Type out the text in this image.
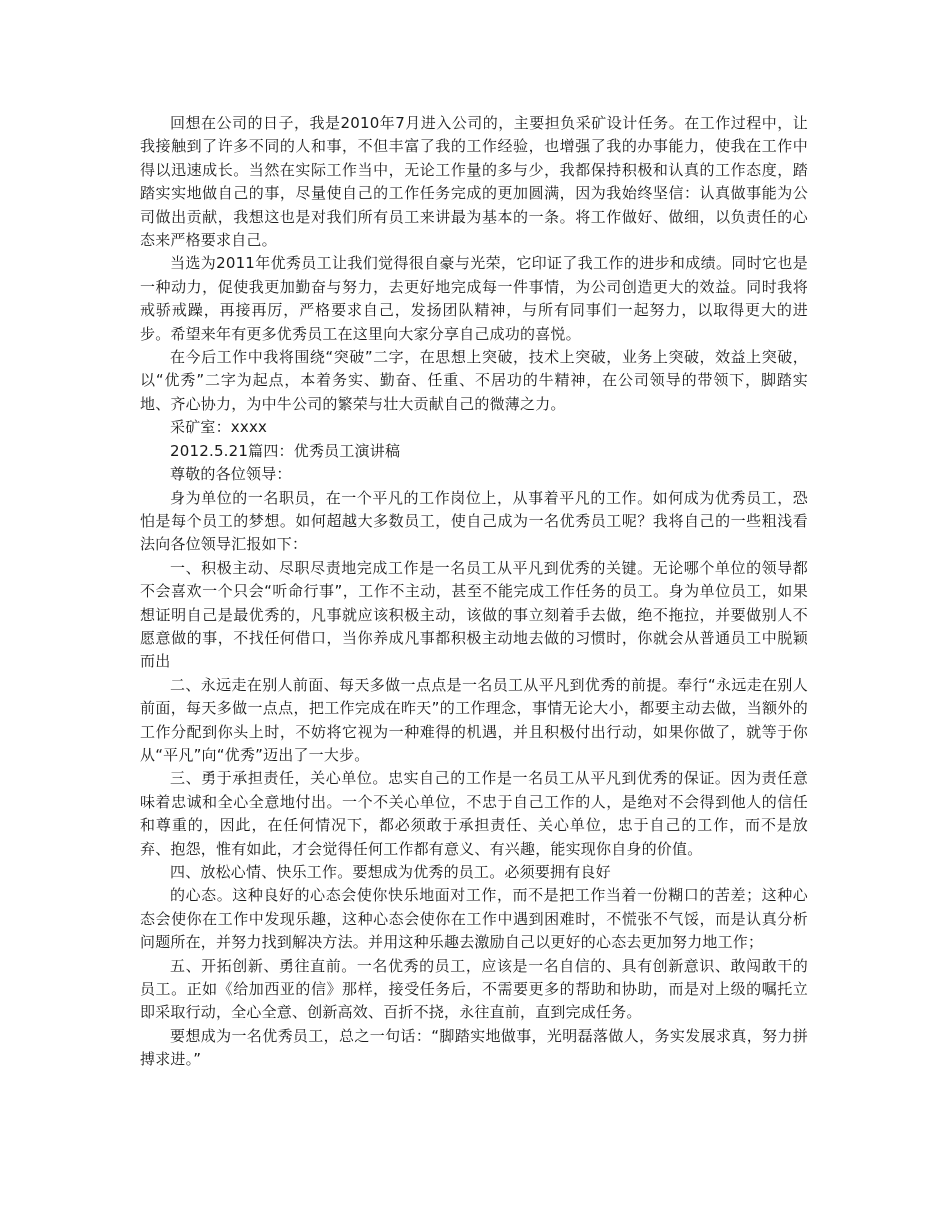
回想在公司的日子，我是2010年7月进入公司的，主要担负采矿设计任务。在工作过程中，让我接触到了许多不同的人和事，不但丰富了我的工作经验，也增强了我的办事能力，使我在工作中得以迅速成长。当然在实际工作当中，无论工作量的多与少，我都保持积极和认真的工作态度，踏踏实实地做自己的事，尽量使自己的工作任务完成的更加圆满，因为我始终坚信：认真做事能为公司做出贡献，我想这也是对我们所有员工来讲最为基本的一条。将工作做好、做细，以负责任的心态来严格要求自己。

当选为2011年优秀员工让我们觉得很自豪与光荣，它印证了我工作的进步和成绩。同时它也是一种动力，促使我更加勤奋与努力，去更好地完成每一件事情，为公司创造更大的效益。同时我将戒骄戒躁，再接再厉，严格要求自己，发扬团队精神，与所有同事们一起努力，以取得更大的进步。希望来年有更多优秀员工在这里向大家分享自己成功的喜悦。

在今后工作中我将围绕“突破”二字，在思想上突破，技术上突破，业务上突破，效益上突破，以“优秀”二字为起点，本着务实、勤奋、任重、不居功的牛精神，在公司领导的带领下，脚踏实地、齐心协力，为中牛公司的繁荣与壮大贡献自己的微薄之力。

采矿室：xxxx

2012.5.21篇四：优秀员工演讲稿

尊敬的各位领导：

身为单位的一名职员，在一个平凡的工作岗位上，从事着平凡的工作。如何成为优秀员工，恐怕是每个员工的梦想。如何超越大多数员工，使自己成为一名优秀员工呢？我将自己的一些粗浅看法向各位领导汇报如下：

一、积极主动、尽职尽责地完成工作是一名员工从平凡到优秀的关键。无论哪个单位的领导都不会喜欢一个只会“听命行事”，工作不主动，甚至不能完成工作任务的员工。身为单位员工，如果想证明自己是最优秀的，凡事就应该积极主动，该做的事立刻着手去做，绝不拖拉，并要做别人不愿意做的事，不找任何借口，当你养成凡事都积极主动地去做的习惯时，你就会从普通员工中脱颖而出

二、永远走在别人前面、每天多做一点点是一名员工从平凡到优秀的前提。奉行“永远走在别人前面，每天多做一点点，把工作完成在昨天”的工作理念，事情无论大小，都要主动去做，当额外的工作分配到你头上时，不妨将它视为一种难得的机遇，并且积极付出行动，如果你做了，就等于你从“平凡”向“优秀”迈出了一大步。

三、勇于承担责任，关心单位。忠实自己的工作是一名员工从平凡到优秀的保证。因为责任意味着忠诚和全心全意地付出。一个不关心单位，不忠于自己工作的人，是绝对不会得到他人的信任和尊重的，因此，在任何情况下，都必须敢于承担责任、关心单位，忠于自己的工作，而不是放弃、抱怨，惟有如此，才会觉得任何工作都有意义、有兴趣，能实现你自身的价值。

四、放松心情、快乐工作。要想成为优秀的员工。必须要拥有良好

的心态。这种良好的心态会使你快乐地面对工作，而不是把工作当着一份糊口的苦差；这种心态会使你在工作中发现乐趣，这种心态会使你在工作中遇到困难时，不慌张不气馁，而是认真分析问题所在，并努力找到解决方法。并用这种乐趣去激励自己以更好的心态去更加努力地工作；

五、开拓创新、勇往直前。一名优秀的员工，应该是一名自信的、具有创新意识、敢闯敢干的员工。正如《给加西亚的信》那样，接受任务后，不需要更多的帮助和协助，而是对上级的嘱托立即采取行动，全心全意、创新高效、百折不挠，永往直前，直到完成任务。

要想成为一名优秀员工，总之一句话：“脚踏实地做事，光明磊落做人，务实发展求真，努力拼搏求进。”
